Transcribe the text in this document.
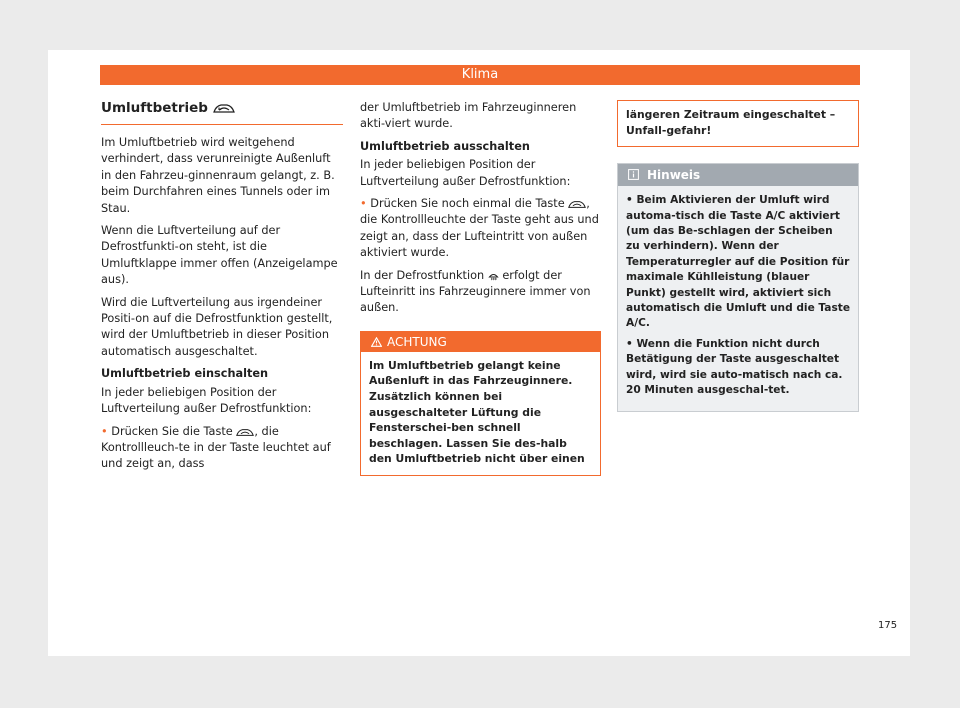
Klima
Umluftbetrieb

Im Umluftbetrieb wird weitgehend verhindert, dass verunreinigte Außenluft in den Fahrzeu-ginnenraum gelangt, z. B. beim Durchfahren eines Tunnels oder im Stau.

Wenn die Luftverteilung auf der Defrostfunkti-on steht, ist die Umluftklappe immer offen (Anzeigelampe aus).

Wird die Luftverteilung aus irgendeiner Positi-on auf die Defrostfunktion gestellt, wird der Umluftbetrieb in dieser Position automatisch ausgeschaltet.

Umluftbetrieb einschalten

In jeder beliebigen Position der Luftverteilung außer Defrostfunktion:

• Drücken Sie die Taste , die Kontrollleuch-te in der Taste leuchtet auf und zeigt an, dass

der Umluftbetrieb im Fahrzeuginneren akti-viert wurde.

Umluftbetrieb ausschalten

In jeder beliebigen Position der Luftverteilung außer Defrostfunktion:

• Drücken Sie noch einmal die Taste , die Kontrollleuchte der Taste geht aus und zeigt an, dass der Lufteintritt von außen aktiviert wurde.

In der Defrostfunktion erfolgt der Lufteinritt ins Fahrzeuginnere immer von außen.

ACHTUNG
Im Umluftbetrieb gelangt keine Außenluft in das Fahrzeuginnere. Zusätzlich können bei ausgeschalteter Lüftung die Fensterschei-ben schnell beschlagen. Lassen Sie des-halb den Umluftbetrieb nicht über einen
längeren Zeitraum eingeschaltet – Unfall-gefahr!
Hinweis

• Beim Aktivieren der Umluft wird automa-tisch die Taste A/C aktiviert (um das Be-schlagen der Scheiben zu verhindern). Wenn der Temperaturregler auf die Position für maximale Kühlleistung (blauer Punkt) gestellt wird, aktiviert sich automatisch die Umluft und die Taste A/C.

• Wenn die Funktion nicht durch Betätigung der Taste ausgeschaltet wird, wird sie auto-matisch nach ca. 20 Minuten ausgeschal-tet.

175
